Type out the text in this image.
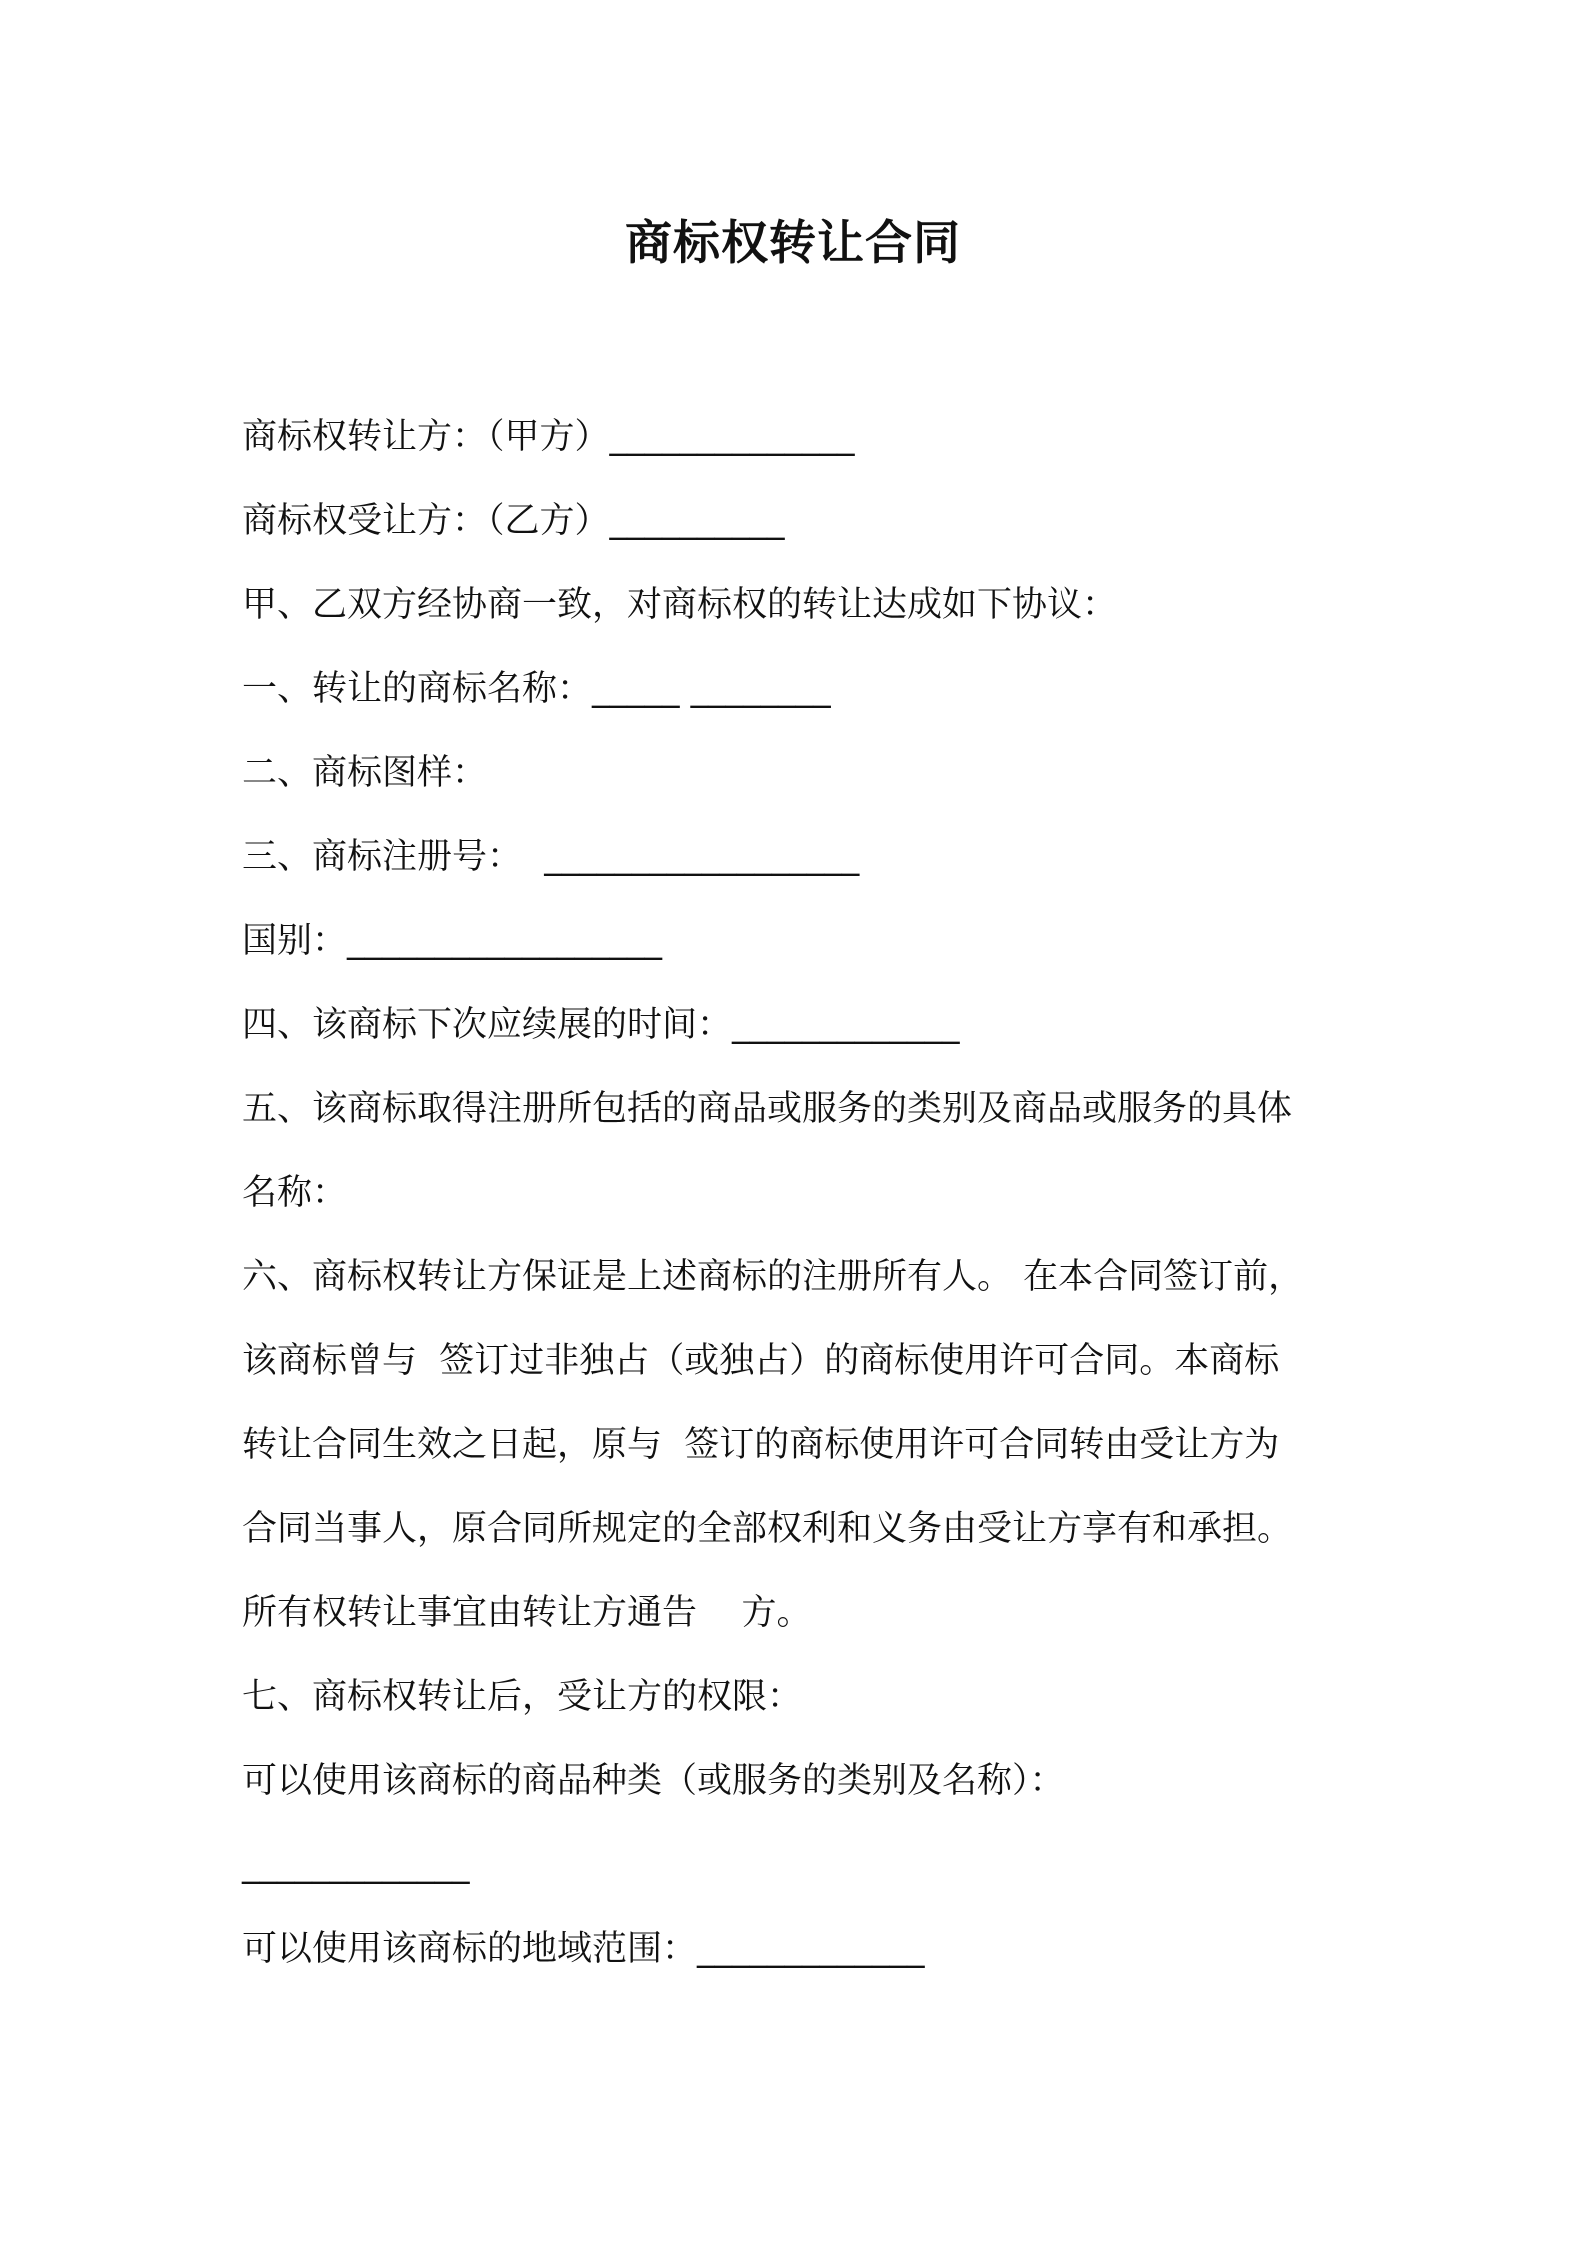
商标权转让合同
商标权转让方：（甲方）______________
商标权受让方：（乙方）__________
甲、乙双方经协商一致，对商标权的转让达成如下协议：
一、转让的商标名称：_____ ________
二、商标图样：
三、商标注册号：  __________________
国别：__________________
四、该商标下次应续展的时间：_____________
五、该商标取得注册所包括的商品或服务的类别及商品或服务的具体
名称：
六、商标权转让方保证是上述商标的注册所有人。 在本合同签订前，
该商标曾与  签订过非独占（或独占）的商标使用许可合同。本商标
转让合同生效之日起，原与  签订的商标使用许可合同转由受让方为
合同当事人，原合同所规定的全部权利和义务由受让方享有和承担。
所有权转让事宜由转让方通告    方。
七、商标权转让后，受让方的权限：
可以使用该商标的商品种类（或服务的类别及名称）：
_____________
可以使用该商标的地域范围：_____________
